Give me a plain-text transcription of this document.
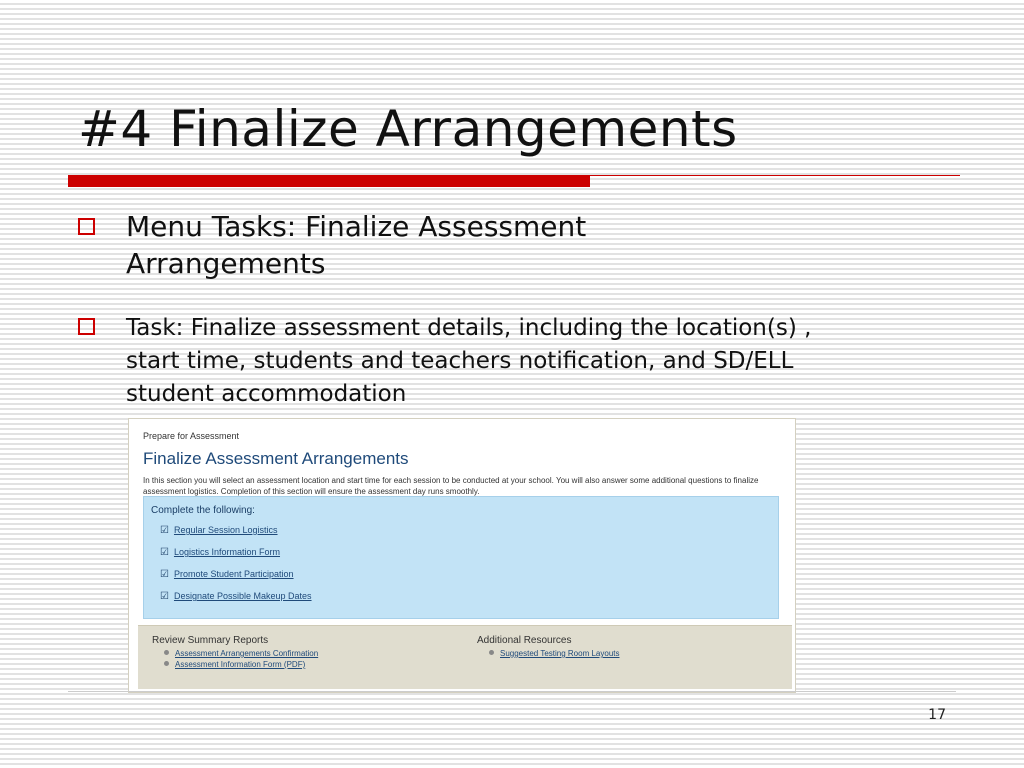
#4 Finalize Arrangements
Menu Tasks: Finalize Assessment Arrangements
Task: Finalize assessment details, including the location(s) , start time, students and teachers notification, and SD/ELL student accommodation
Prepare for Assessment
Finalize Assessment Arrangements
In this section you will select an assessment location and start time for each session to be conducted at your school. You will also answer some additional questions to finalize assessment logistics. Completion of this section will ensure the assessment day runs smoothly.
Complete the following:
☑ Regular Session Logistics
☑ Logistics Information Form
☑ Promote Student Participation
☑ Designate Possible Makeup Dates
Review Summary Reports
Assessment Arrangements Confirmation
Assessment Information Form (PDF)
Additional Resources
Suggested Testing Room Layouts
17
